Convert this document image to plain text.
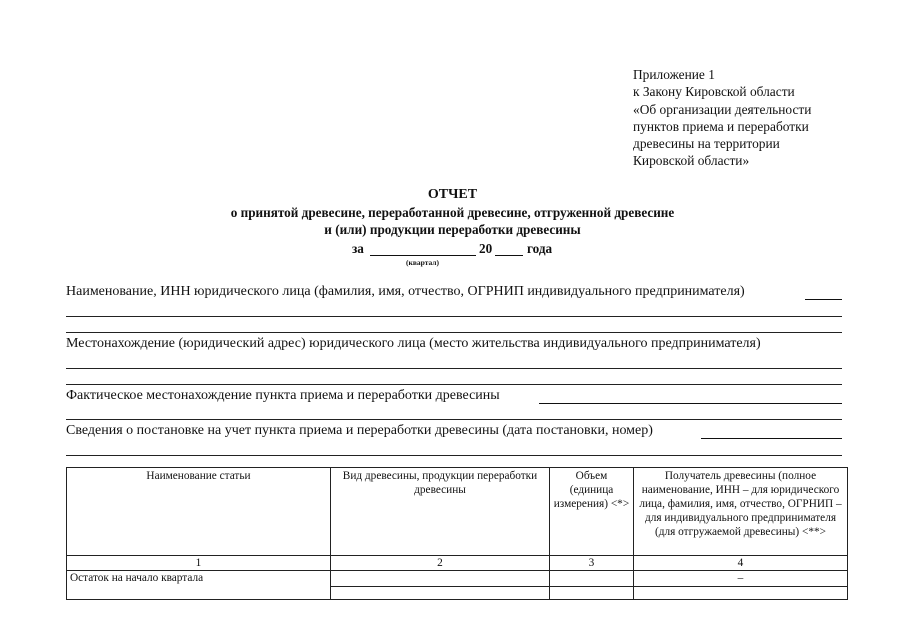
Приложение 1
к Закону Кировской области
«Об организации деятельности
пунктов приема и переработки
древесины на территории
Кировской области»
ОТЧЕТ
о принятой древесине, переработанной древесине, отгруженной древесине
и (или) продукции переработки древесины
за	20	года
(квартал)
Наименование, ИНН юридического лица (фамилия, имя, отчество, ОГРНИП индивидуального предпринимателя)
Местонахождение (юридический адрес) юридического лица (место жительства индивидуального предпринимателя)
Фактическое местонахождение пункта приема и переработки древесины
Сведения о постановке на учет пункта приема и переработки древесины (дата постановки, номер)
Наименование статьи	Вид древесины, продукции переработки древесины	Объем (единица измерения) <*>	Получатель древесины (полное наименование, ИНН – для юридического лица, фамилия, имя, отчество, ОГРНИП – для индивидуального предпринимателя (для отгружаемой древесины) <**>
1	2	3	4
Остаток на начало квартала			–
